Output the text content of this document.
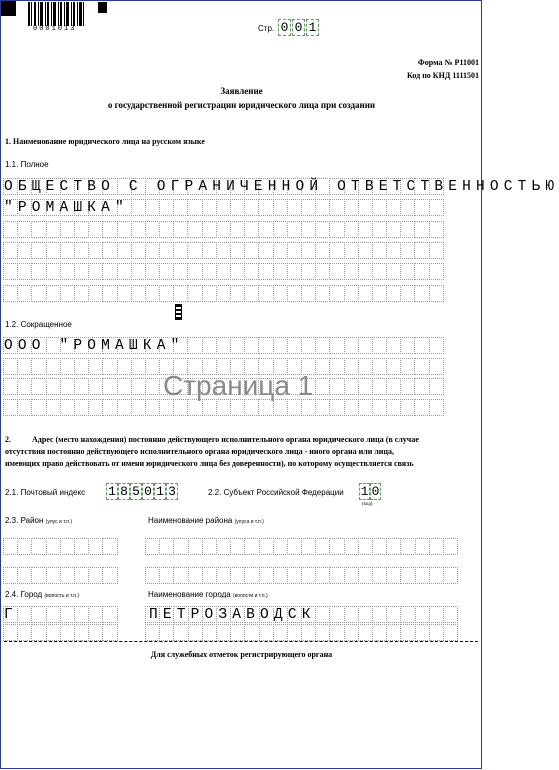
0001013	Стр. 0 0 1
Форма № Р11001
Код по КНД 1111501
Заявление
о государственной регистрации юридического лица при создании
1. Наименование юридического лица на русском языке
1.1. Полное
ОБЩЕСТВО С ОГРАНИЧЕННОЙ ОТВЕТСТВЕННОСТЬЮ
"РОМАШКА"
1.2. Сокращенное
ООО "РОМАШКА"
Страница 1
2.	Адрес (место нахождения) постоянно действующего исполнительного органа юридического лица (в случае
отсутствия постоянно действующего исполнительного органа юридического лица - иного органа или лица,
имеющих право действовать от имени юридического лица без доверенности), по которому осуществляется связь
2.1. Почтовый индекс 1 8 5 0 1 3	2.2. Субъект Российской Федерации 1 0
(код)
2.3. Район (улус и т.п.)	Наименование района (улуса и т.п.)
2.4. Город (волость и т.п.)	Наименование города (волости и т.п.)
Г	ПЕТРОЗАВОДСК
Для служебных отметок регистрирующего органа
